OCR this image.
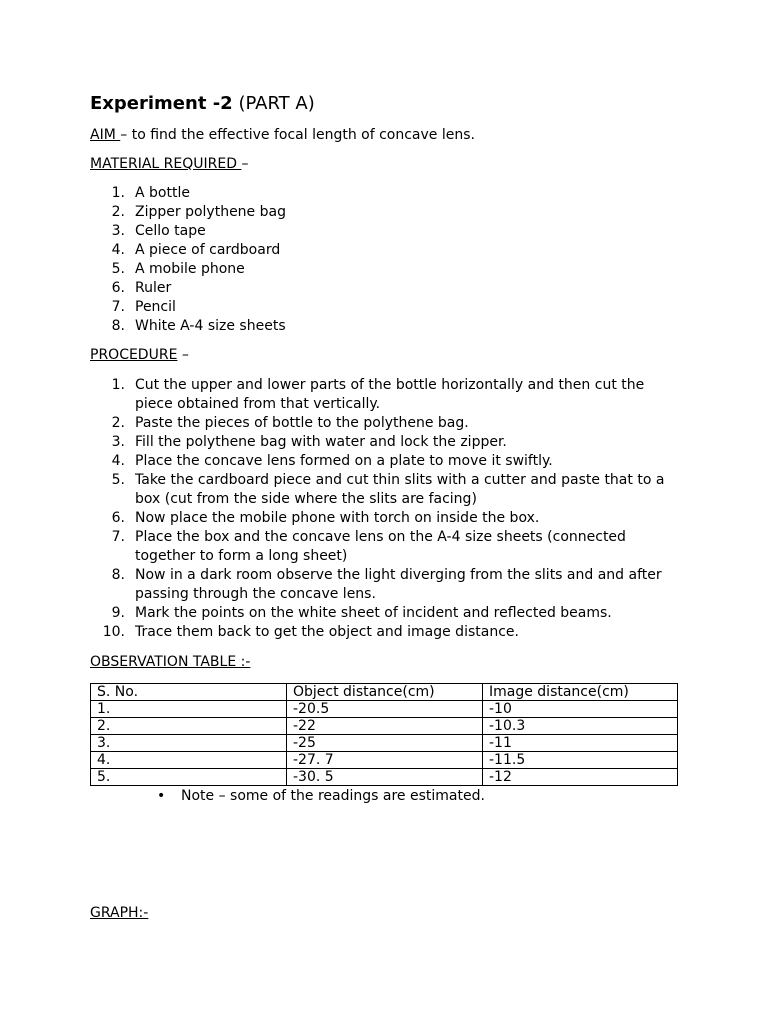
Experiment -2 (PART A)
AIM – to find the effective focal length of concave lens.
MATERIAL REQUIRED –
1. A bottle
2. Zipper polythene bag
3. Cello tape
4. A piece of cardboard
5. A mobile phone
6. Ruler
7. Pencil
8. White A-4 size sheets
PROCEDURE –
1. Cut the upper and lower parts of the bottle horizontally and then cut the piece obtained from that vertically.
2. Paste the pieces of bottle to the polythene bag.
3. Fill the polythene bag with water and lock the zipper.
4. Place the concave lens formed on a plate to move it swiftly.
5. Take the cardboard piece and cut thin slits with a cutter and paste that to a box (cut from the side where the slits are facing)
6. Now place the mobile phone with torch on inside the box.
7. Place the box and the concave lens on the A-4 size sheets (connected together to form a long sheet)
8. Now in a dark room observe the light diverging from the slits and and after passing through the concave lens.
9. Mark the points on the white sheet of incident and reflected beams.
10. Trace them back to get the object and image distance.
OBSERVATION TABLE :-
S. No.	Object distance(cm)	Image distance(cm)
1.	-20.5	-10
2.	-22	-10.3
3.	-25	-11
4.	-27. 7	-11.5
5.	-30. 5	-12
• Note – some of the readings are estimated.
GRAPH:-
